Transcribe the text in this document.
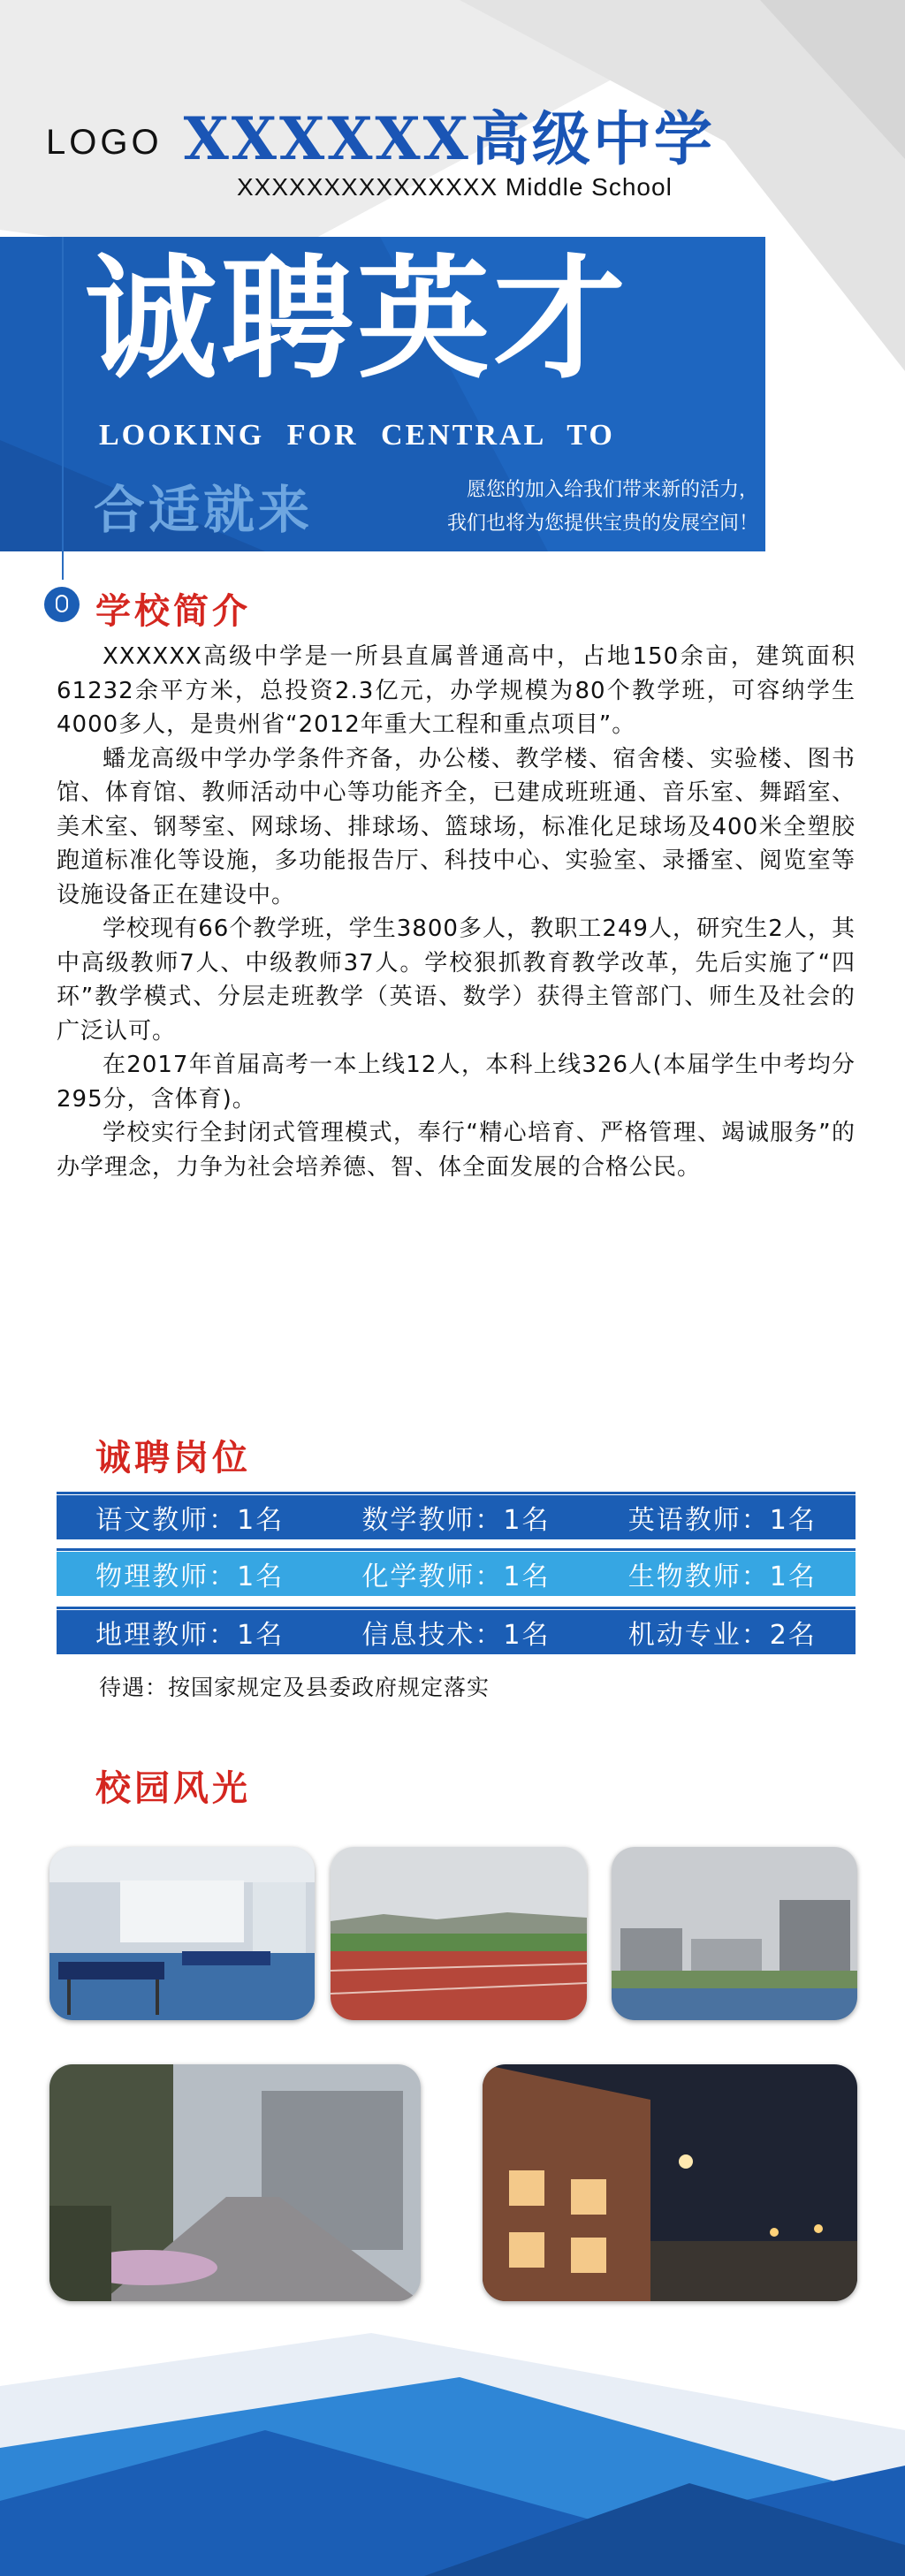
LOGO XXXXXX高级中学
XXXXXXXXXXXXXXX Middle School
诚聘英才
LOOKING FOR CENTRAL TO
合适就来	愿您的加入给我们带来新的活力，
我们也将为您提供宝贵的发展空间！
学校简介

XXXXXX高级中学是一所县直属普通高中，占地150余亩，建筑面积61232余平方米，总投资2.3亿元，办学规模为80个教学班，可容纳学生4000多人，是贵州省“2012年重大工程和重点项目”。

蟠龙高级中学办学条件齐备，办公楼、教学楼、宿舍楼、实验楼、图书馆、体育馆、教师活动中心等功能齐全，已建成班班通、音乐室、舞蹈室、美术室、钢琴室、网球场、排球场、篮球场，标准化足球场及400米全塑胶跑道标准化等设施，多功能报告厅、科技中心、实验室、录播室、阅览室等设施设备正在建设中。

学校现有66个教学班，学生3800多人，教职工249人，研究生2人，其中高级教师7人、中级教师37人。学校狠抓教育教学改革，先后实施了“四环”教学模式、分层走班教学（英语、数学）获得主管部门、师生及社会的广泛认可。

在2017年首届高考一本上线12人，本科上线326人(本届学生中考均分295分，含体育)。

学校实行全封闭式管理模式，奉行“精心培育、严格管理、竭诚服务”的办学理念，力争为社会培养德、智、体全面发展的合格公民。

诚聘岗位
语文教师：1名	数学教师：1名	英语教师：1名
物理教师：1名	化学教师：1名	生物教师：1名
地理教师：1名	信息技术：1名	机动专业：2名
待遇：按国家规定及县委政府规定落实
校园风光
